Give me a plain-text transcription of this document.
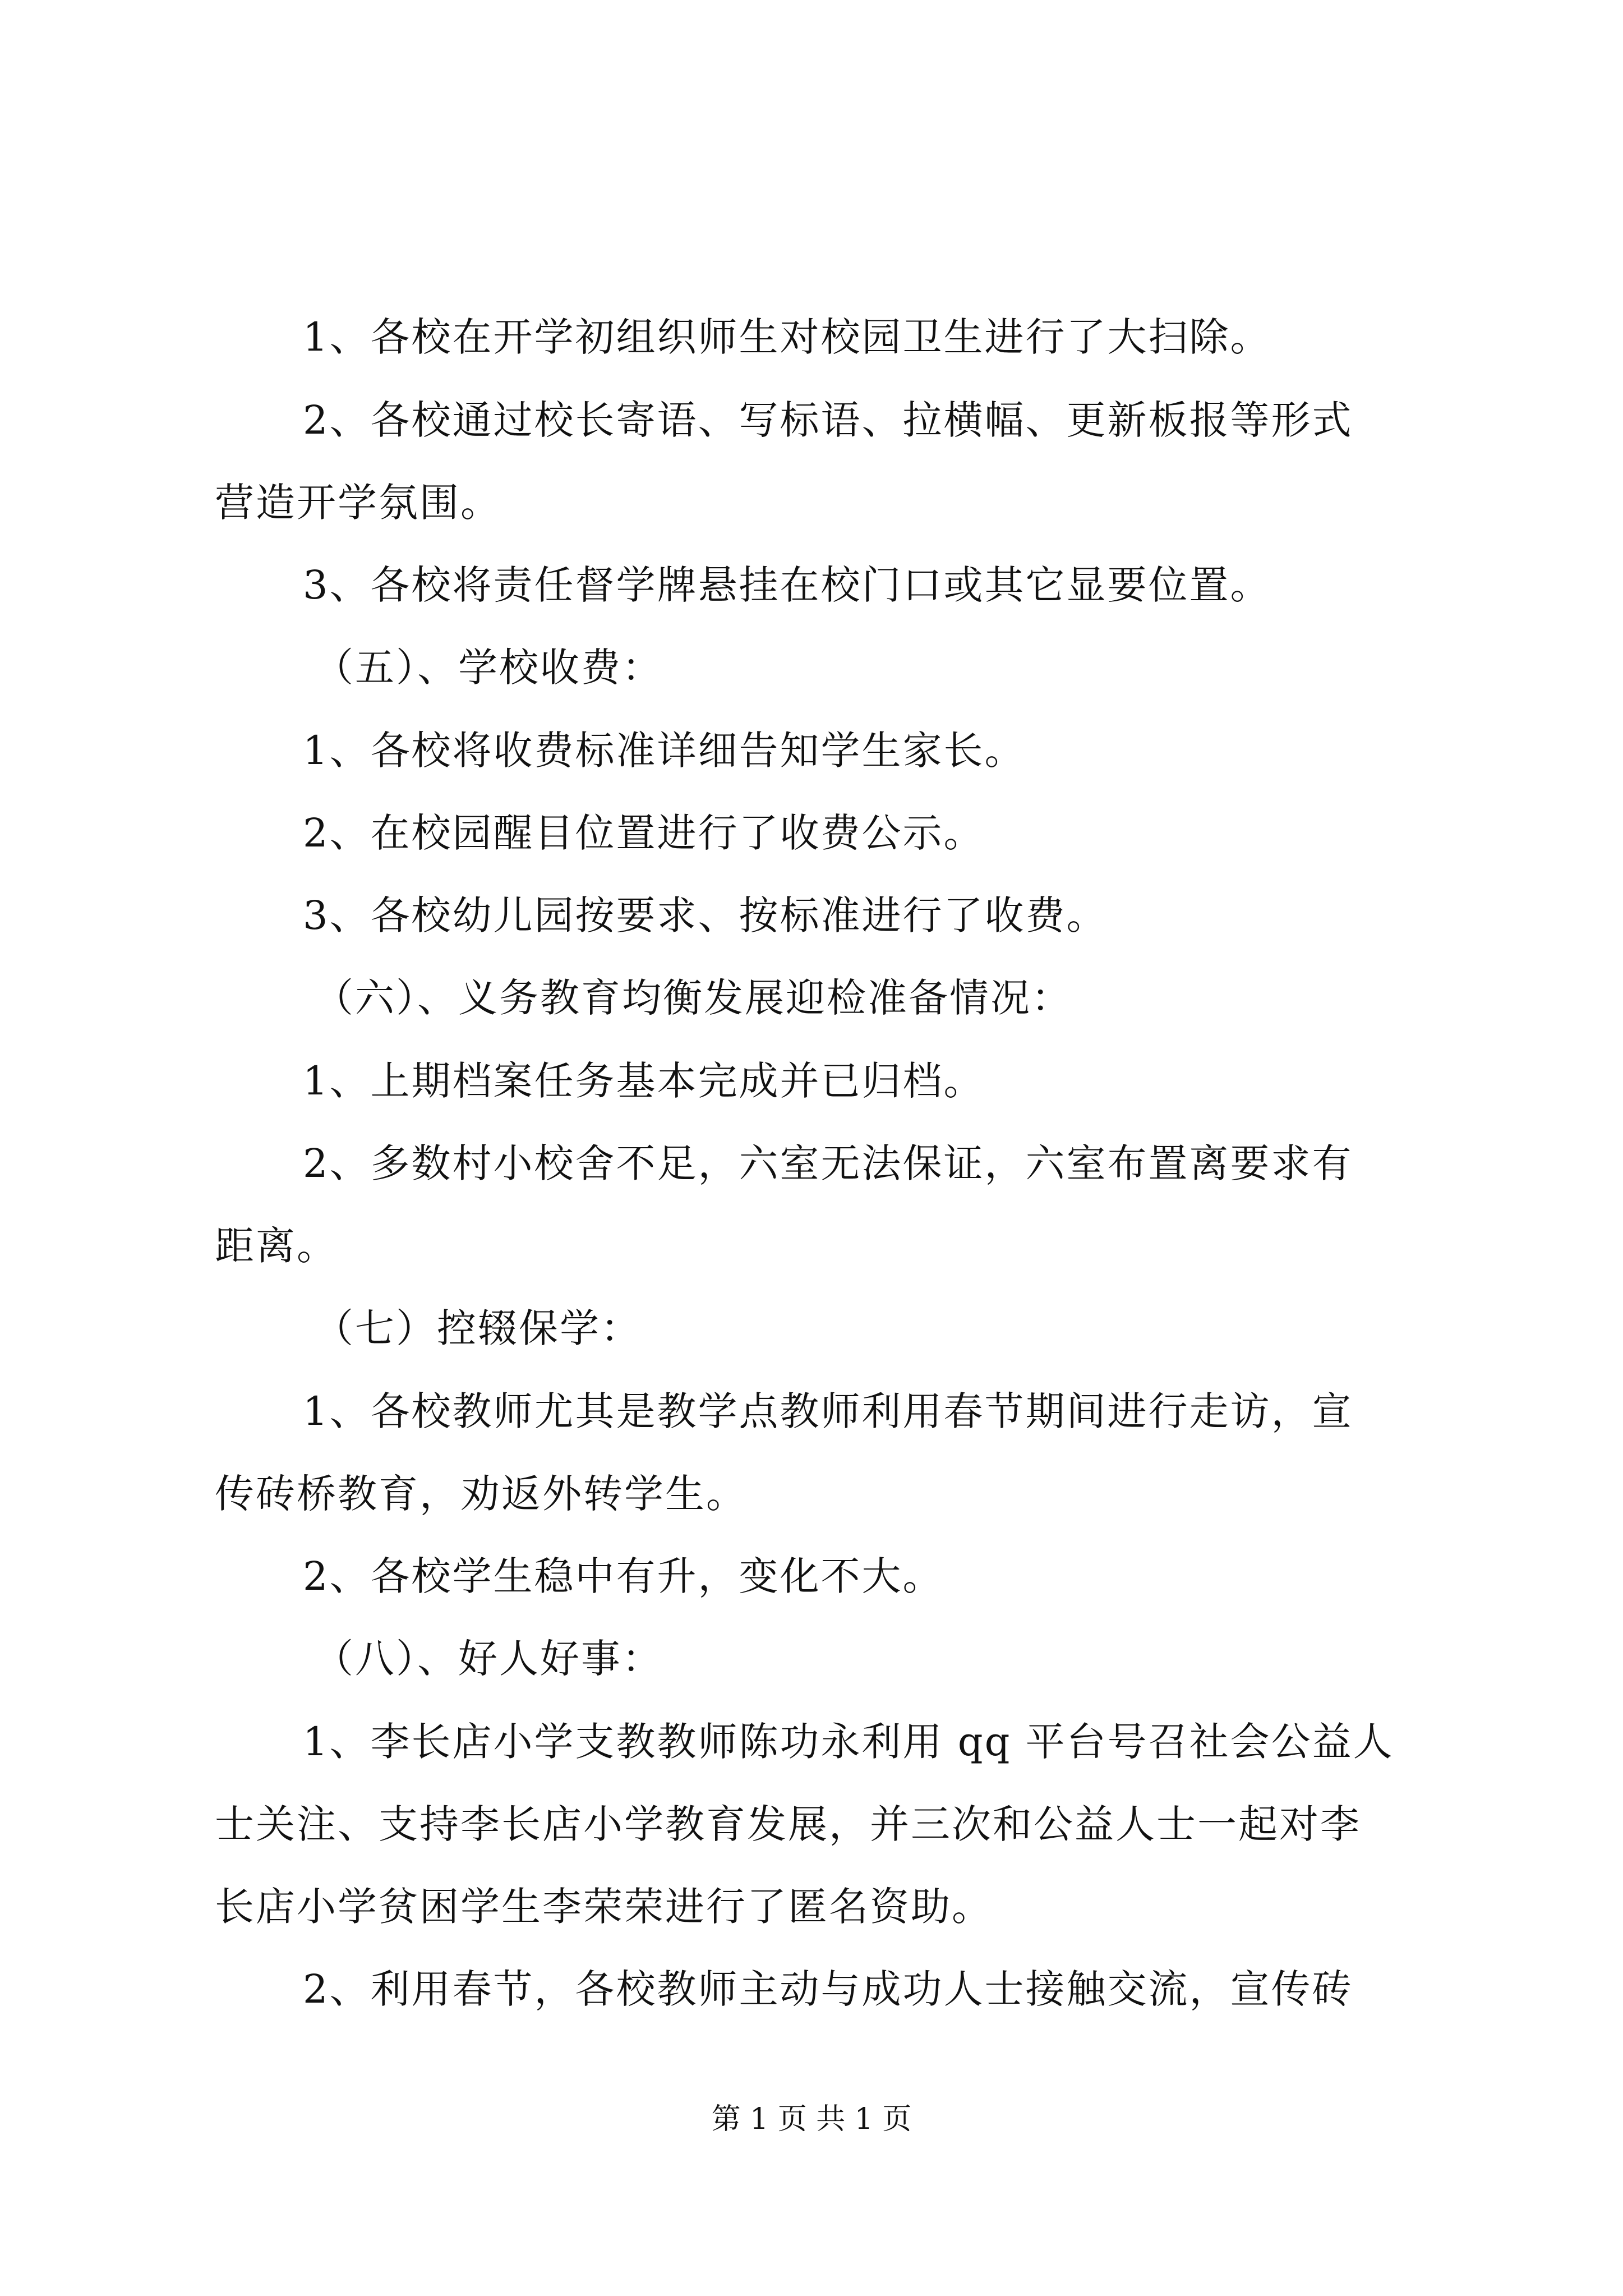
1、各校在开学初组织师生对校园卫生进行了大扫除。
2、各校通过校长寄语、写标语、拉横幅、更新板报等形式
营造开学氛围。
3、各校将责任督学牌悬挂在校门口或其它显要位置。
（五）、学校收费：
1、各校将收费标准详细告知学生家长。
2、在校园醒目位置进行了收费公示。
3、各校幼儿园按要求、按标准进行了收费。
（六）、义务教育均衡发展迎检准备情况：
1、上期档案任务基本完成并已归档。
2、多数村小校舍不足，六室无法保证，六室布置离要求有
距离。
（七）控辍保学：
1、各校教师尤其是教学点教师利用春节期间进行走访，宣
传砖桥教育，劝返外转学生。
2、各校学生稳中有升，变化不大。
（八）、好人好事：
1、李长店小学支教教师陈功永利用 qq 平台号召社会公益人
士关注、支持李长店小学教育发展，并三次和公益人士一起对李
长店小学贫困学生李荣荣进行了匿名资助。
2、利用春节，各校教师主动与成功人士接触交流，宣传砖
第 1 页 共 1 页
